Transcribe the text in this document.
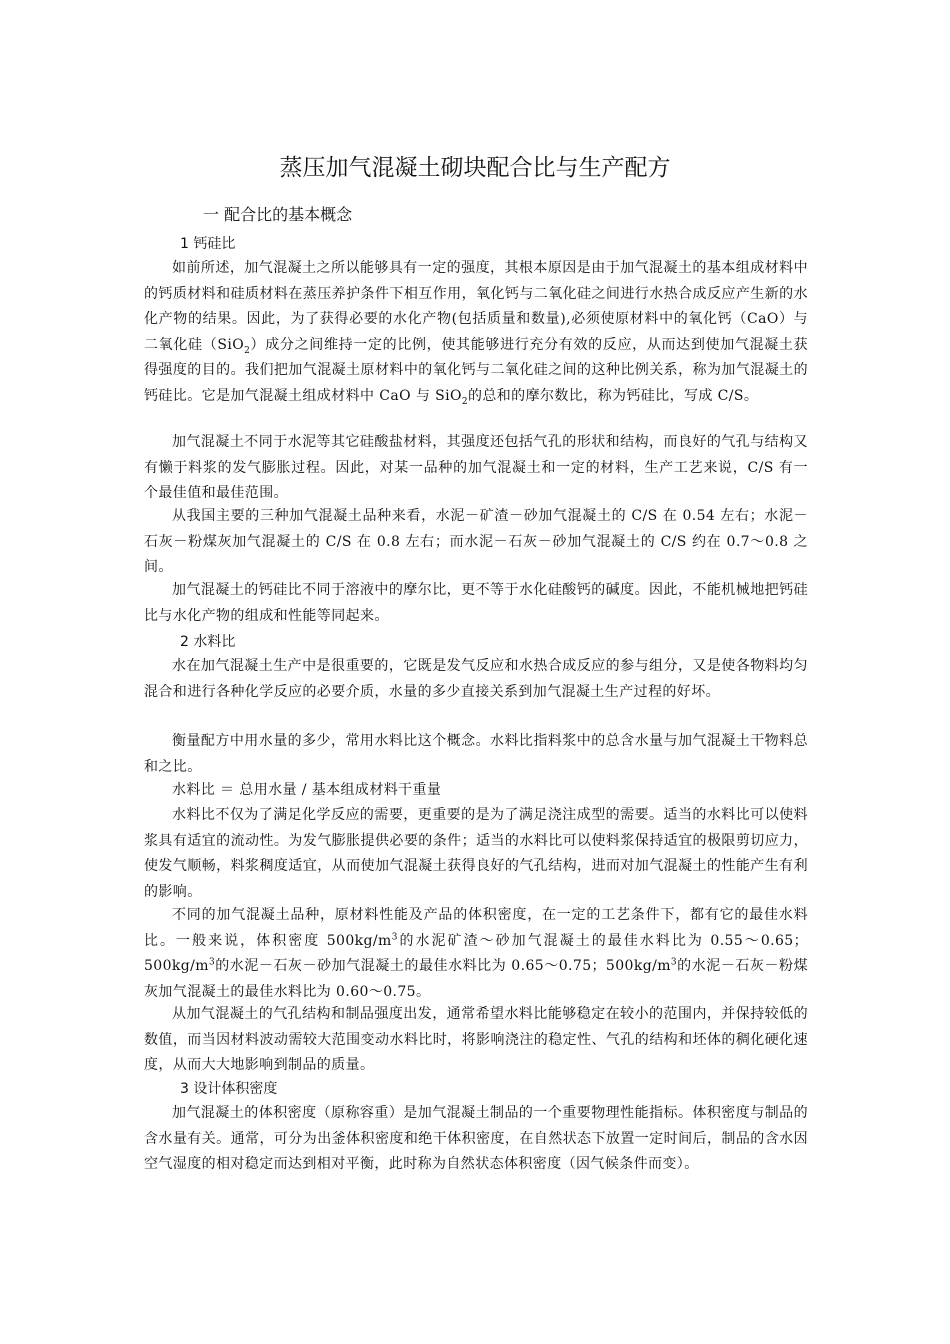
蒸压加气混凝土砌块配合比与生产配方
一 配合比的基本概念
1 钙硅比

如前所述，加气混凝土之所以能够具有一定的强度，其根本原因是由于加气混凝土的基本组成材料中的钙质材料和硅质材料在蒸压养护条件下相互作用，氧化钙与二氧化硅之间进行水热合成反应产生新的水化产物的结果。因此，为了获得必要的水化产物(包括质量和数量),必须使原材料中的氧化钙（CaO）与二氧化硅（SiO$_2$）成分之间维持一定的比例，使其能够进行充分有效的反应，从而达到使加气混凝土获得强度的目的。我们把加气混凝土原材料中的氧化钙与二氧化硅之间的这种比例关系，称为加气混凝土的钙硅比。它是加气混凝土组成材料中 CaO 与 SiO$_2$的总和的摩尔数比，称为钙硅比，写成 C/S。

加气混凝土不同于水泥等其它硅酸盐材料，其强度还包括气孔的形状和结构，而良好的气孔与结构又有懒于料浆的发气膨胀过程。因此，对某一品种的加气混凝土和一定的材料，生产工艺来说，C/S 有一个最佳值和最佳范围。

从我国主要的三种加气混凝土品种来看，水泥－矿渣－砂加气混凝土的 C/S 在 0.54 左右；水泥－石灰－粉煤灰加气混凝土的 C/S 在 0.8 左右；而水泥－石灰－砂加气混凝土的 C/S 约在 0.7～0.8 之间。

加气混凝土的钙硅比不同于溶液中的摩尔比，更不等于水化硅酸钙的碱度。因此，不能机械地把钙硅比与水化产物的组成和性能等同起来。

2 水料比

水在加气混凝土生产中是很重要的，它既是发气反应和水热合成反应的参与组分，又是使各物料均匀混合和进行各种化学反应的必要介质，水量的多少直接关系到加气混凝土生产过程的好坏。

衡量配方中用水量的多少，常用水料比这个概念。水料比指料浆中的总含水量与加气混凝土干物料总和之比。

水料比 ＝ 总用水量 / 基本组成材料干重量

水料比不仅为了满足化学反应的需要，更重要的是为了满足浇注成型的需要。适当的水料比可以使料浆具有适宜的流动性。为发气膨胀提供必要的条件；适当的水料比可以使料浆保持适宜的极限剪切应力，使发气顺畅，料浆稠度适宜，从而使加气混凝土获得良好的气孔结构，进而对加气混凝土的性能产生有利的影响。

不同的加气混凝土品种，原材料性能及产品的体积密度，在一定的工艺条件下，都有它的最佳水料比。一般来说，体积密度 $500kg/m^3$的水泥矿渣～砂加气混凝土的最佳水料比为 0.55～0.65；$500kg/m^3$的水泥－石灰－砂加气混凝土的最佳水料比为 0.65～0.75；$500kg/m^3$的水泥－石灰－粉煤灰加气混凝土的最佳水料比为 0.60～0.75。

从加气混凝土的气孔结构和制品强度出发，通常希望水料比能够稳定在较小的范围内，并保持较低的数值，而当因材料波动需较大范围变动水料比时，将影响浇注的稳定性、气孔的结构和坯体的稠化硬化速度，从而大大地影响到制品的质量。

3 设计体积密度

加气混凝土的体积密度（原称容重）是加气混凝土制品的一个重要物理性能指标。体积密度与制品的含水量有关。通常，可分为出釜体积密度和绝干体积密度，在自然状态下放置一定时间后，制品的含水因空气湿度的相对稳定而达到相对平衡，此时称为自然状态体积密度（因气候条件而变）。
